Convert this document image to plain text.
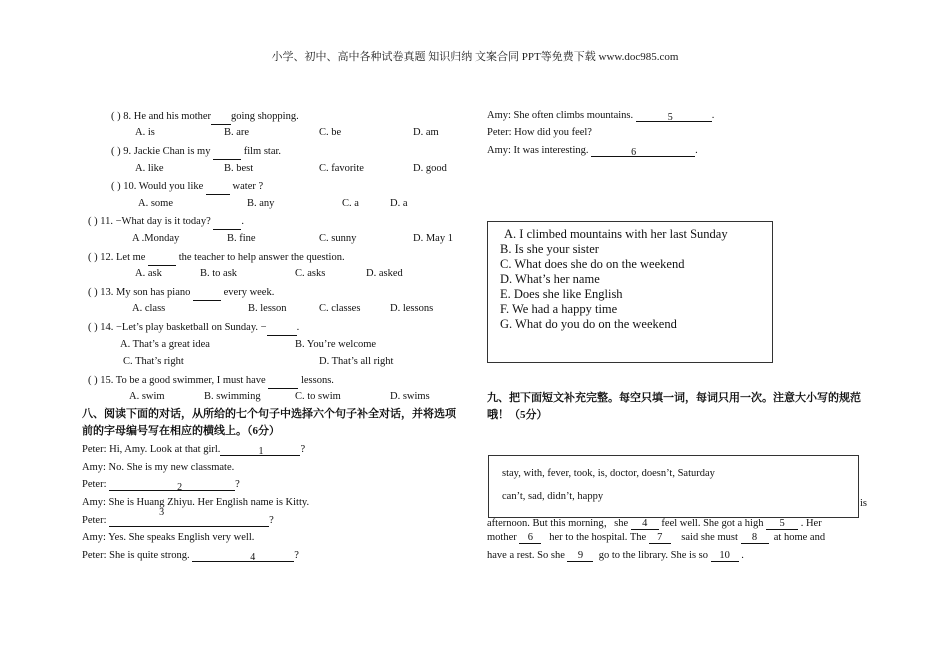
小学、初中、高中各种试卷真题 知识归纳 文案合同 PPT等免费下载 www.doc985.com
( ) 8. He and his mother going shopping.
A. is	B. are	C. be	D. am
( ) 9. Jackie Chan is my	film star.
A. like	B. best	C. favorite	D. good
( ) 10. Would you like	water ?
A. some	B. any	C. a	D. a
( ) 11. −What day is it today?	.
A .Monday	B. fine	C. sunny	D. May 1
( ) 12. Let me	the teacher to help answer the question.
A. ask	B. to ask	C. asks	D. asked
( ) 13. My son has piano	every week.
A. class	B. lesson	C. classes	D. lessons
( ) 14. −Let’s play basketball on Sunday. −	.
A. That’s a great idea	B. You’re welcome
C. That’s right	D. That’s all right
( ) 15. To be a good swimmer, I must have	lessons.
A. swim	B. swimming	C. to swim	D. swims
八、阅读下面的对话，从所给的七个句子中选择六个句子补全对话，并将选项前的字母编号写在相应的横线上。（6分）
Peter: Hi, Amy. Look at that girl.	1	?
Amy: No. She is my new classmate.
Peter:	2	?
Amy: She is Huang Zhiyu. Her English name is Kitty.
Peter:
3
?
Amy: Yes. She speaks English very well.
Peter: She is quite strong.	4	?
Amy: She often climbs mountains.	5	.
Peter: How did you feel?
Amy: It was interesting.	6	.
A. I climbed mountains with her last Sunday
B. Is she your sister
C. What does she do on the weekend
D. What’s her name
E. Does she like English
F. We had a happy time
G. What do you do on the weekend
九、把下面短文补充完整。每空只填一词，每词只用一次。注意大小写的规范哦！（5分）
stay, with, fever, took, is, doctor, doesn’t, Saturday
can’t, sad, didn’t, happy
is
afternoon. But this morning，she 4 feel well. She got a high 5 . Her
mother 6 her to the hospital. The 7 said she must 8 at home and
have a rest. So she 9 go to the library. She is so 10 .
